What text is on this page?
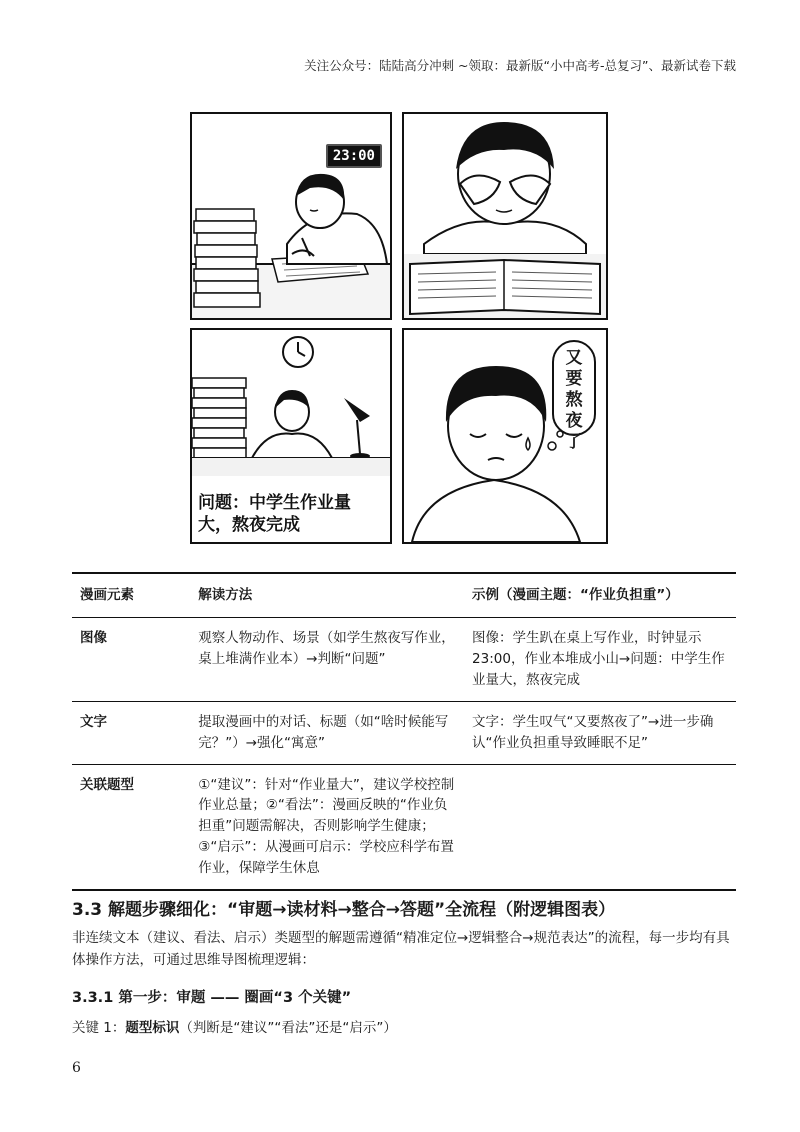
关注公众号：陆陆高分冲刺 ~领取：最新版“小中高考-总复习”、最新试卷下载
23:00
问题：中学生作业量大，熬夜完成
又
要
熬
夜
了
漫画元素	解读方法	示例（漫画主题：“作业负担重”）
图像	观察人物动作、场景（如学生熬夜写作业，桌上堆满作业本）→判断“问题”	图像：学生趴在桌上写作业，时钟显示23:00，作业本堆成小山→问题：中学生作业量大，熬夜完成
文字	提取漫画中的对话、标题（如“啥时候能写完？”）→强化“寓意”	文字：学生叹气“又要熬夜了”→进一步确认“作业负担重导致睡眠不足”
关联题型	①“建议”：针对“作业量大”，建议学校控制作业总量；②“看法”：漫画反映的“作业负担重”问题需解决，否则影响学生健康；③“启示”：从漫画可启示：学校应科学布置作业，保障学生休息	
3.3 解题步骤细化：“审题→读材料→整合→答题”全流程（附逻辑图表）
非连续文本（建议、看法、启示）类题型的解题需遵循“精准定位→逻辑整合→规范表达”的流程，每一步均有具体操作方法，可通过思维导图梳理逻辑：
3.3.1 第一步：审题 —— 圈画“3 个关键”
关键 1：题型标识（判断是“建议”“看法”还是“启示”）
6
